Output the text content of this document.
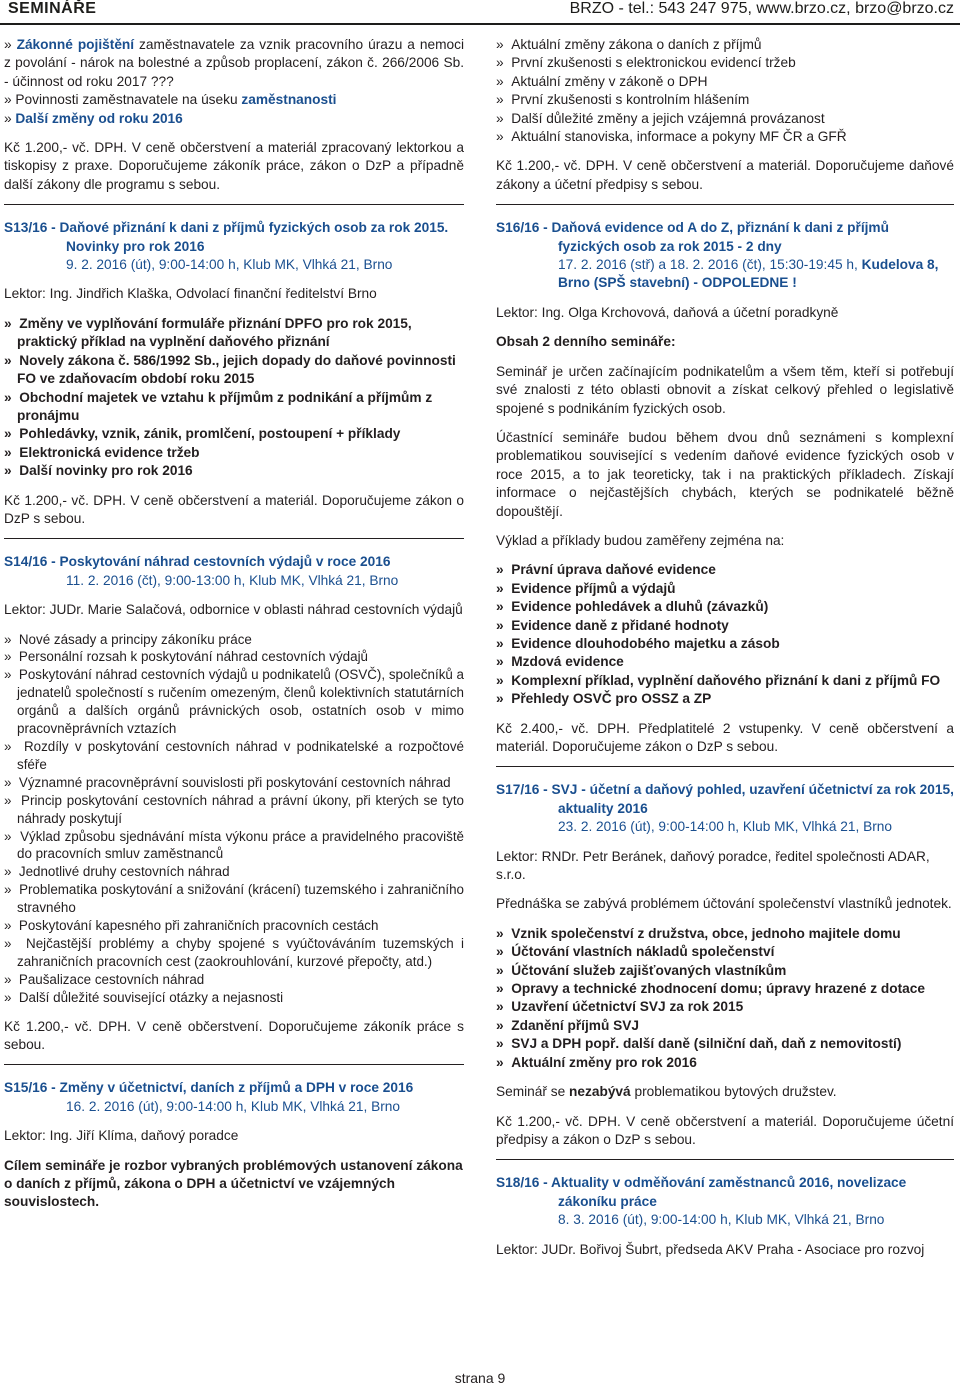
SEMINÁŘE	BRZO - tel.: 543 247 975, www.brzo.cz, brzo@brzo.cz

» Zákonné pojištění zaměstnavatele za vznik pracovního úrazu a nemoci z povolání - nárok na bolestné a způsob proplacení, zákon č. 266/2006 Sb. - účinnost od roku 2017 ???

» Povinnosti zaměstnavatele na úseku zaměstnanosti

» Další změny od roku 2016

Kč 1.200,- vč. DPH. V ceně občerstvení a materiál zpracovaný lektorkou a tiskopisy z praxe. Doporučujeme zákoník práce, zákon o DzP a případně další zákony dle programu s sebou.

S13/16 - Daňové přiznání k dani z příjmů fyzických osob za rok 2015. Novinky pro rok 2016

9. 2. 2016 (út), 9:00-14:00 h, Klub MK, Vlhká 21, Brno

Lektor: Ing. Jindřich Klaška, Odvolací finanční ředitelství Brno

»  Změny ve vyplňování formuláře přiznání DPFO pro rok 2015, praktický příklad na vyplnění daňového přiznání
»  Novely zákona č. 586/1992 Sb., jejich dopady do daňové povinnosti FO ve zdaňovacím období roku 2015
»  Obchodní majetek ve vztahu k příjmům z podnikání a příjmům z pronájmu
»  Pohledávky, vznik, zánik, promlčení, postoupení + příklady
»  Elektronická evidence tržeb
»  Další novinky pro rok 2016

Kč 1.200,- vč. DPH. V ceně občerstvení a materiál. Doporučujeme zákon o DzP s sebou.

S14/16 - Poskytování náhrad cestovních výdajů v roce 2016

11. 2. 2016 (čt), 9:00-13:00 h, Klub MK, Vlhká 21, Brno

Lektor: JUDr. Marie Salačová, odbornice v oblasti náhrad cestovních výdajů

»  Nové zásady a principy zákoníku práce
»  Personální rozsah k poskytování náhrad cestovních výdajů
»  Poskytování náhrad cestovních výdajů u podnikatelů (OSVČ), společníků a jednatelů společností s ručením omezeným, členů kolektivních statutárních orgánů a dalších orgánů právnických osob, ostatních osob v mimo pracovněprávních vztazích
»  Rozdíly v poskytování cestovních náhrad v podnikatelské a rozpočtové sféře
»  Významné pracovněprávní souvislosti při poskytování cestovních náhrad
»  Princip poskytování cestovních náhrad a právní úkony, při kterých se tyto náhrady poskytují
»  Výklad způsobu sjednávání místa výkonu práce a pravidelného pracoviště do pracovních smluv zaměstnanců
»  Jednotlivé druhy cestovních náhrad
»  Problematika poskytování a snižování (krácení) tuzemského i zahraničního stravného
»  Poskytování kapesného při zahraničních pracovních cestách
»  Nejčastější problémy a chyby spojené s vyúčtováváním tuzemských i zahraničních pracovních cest (zaokrouhlování, kurzové přepočty, atd.)
»  Paušalizace cestovních náhrad
»  Další důležité související otázky a nejasnosti

Kč 1.200,- vč. DPH. V ceně občerstvení. Doporučujeme zákoník práce s sebou.

S15/16 - Změny v účetnictví, daních z příjmů a DPH v roce 2016

16. 2. 2016 (út), 9:00-14:00 h, Klub MK, Vlhká 21, Brno

Lektor: Ing. Jiří Klíma, daňový poradce

Cílem semináře je rozbor vybraných problémových ustanovení zákona o daních z příjmů, zákona o DPH a účetnictví ve vzájemných souvislostech.

»  Aktuální změny zákona o daních z příjmů
»  První zkušenosti s elektronickou evidencí tržeb
»  Aktuální změny v zákoně o DPH
»  První zkušenosti s kontrolním hlášením
»  Další důležité změny a jejich vzájemná provázanost
»  Aktuální stanoviska, informace a pokyny MF ČR a GFŘ

Kč 1.200,- vč. DPH. V ceně občerstvení a materiál. Doporučujeme daňové zákony a účetní předpisy s sebou.

S16/16 - Daňová evidence od A do Z, přiznání k dani z příjmů fyzických osob za rok 2015 - 2 dny

17. 2. 2016 (stř) a 18. 2. 2016 (čt), 15:30-19:45 h, Kudelova 8, Brno (SPŠ stavební) - ODPOLEDNE !

Lektor: Ing. Olga Krchovová, daňová a účetní poradkyně

Obsah 2 denního semináře:

Seminář je určen začínajícím podnikatelům a všem těm, kteří si potřebují své znalosti z této oblasti obnovit a získat celkový přehled o legislativě spojené s podnikáním fyzických osob.

Účastnící semináře budou během dvou dnů seznámeni s komplexní problematikou související s vedením daňové evidence fyzických osob v roce 2015, a to jak teoreticky, tak i na praktických příkladech. Získají informace o nejčastějších chybách, kterých se podnikatelé běžně dopouštějí.

Výklad a příklady budou zaměřeny zejména na:

»  Právní úprava daňové evidence
»  Evidence příjmů a výdajů
»  Evidence pohledávek a dluhů (závazků)
»  Evidence daně z přidané hodnoty
»  Evidence dlouhodobého majetku a zásob
»  Mzdová evidence
»  Komplexní příklad, vyplnění daňového přiznání k dani z příjmů FO
»  Přehledy OSVČ pro OSSZ a ZP

Kč 2.400,- vč. DPH. Předplatitelé 2 vstupenky. V ceně občerstvení a materiál. Doporučujeme zákon o DzP s sebou.

S17/16 - SVJ - účetní a daňový pohled, uzavření účetnictví za rok 2015, aktuality 2016

23. 2. 2016 (út), 9:00-14:00 h, Klub MK, Vlhká 21, Brno

Lektor: RNDr. Petr Beránek, daňový poradce, ředitel společnosti ADAR, s.r.o.

Přednáška se zabývá problémem účtování společenství vlastníků jednotek.

»  Vznik společenství z družstva, obce, jednoho majitele domu
»  Účtování vlastních nákladů společenství
»  Účtování služeb zajišťovaných vlastníkům
»  Opravy a technické zhodnocení domu; úpravy hrazené z dotace
»  Uzavření účetnictví SVJ za rok 2015
»  Zdanění příjmů SVJ
»  SVJ a DPH popř. další daně (silniční daň, daň z nemovitostí)
»  Aktuální změny pro rok 2016

Seminář se nezabývá problematikou bytových družstev.

Kč 1.200,- vč. DPH. V ceně občerstvení a materiál. Doporučujeme účetní předpisy a zákon o DzP s sebou.

S18/16 - Aktuality v odměňování zaměstnanců 2016, novelizace zákoníku práce

8. 3. 2016 (út), 9:00-14:00 h, Klub MK, Vlhká 21, Brno

Lektor: JUDr. Bořivoj Šubrt, předseda AKV Praha - Asociace pro rozvoj

strana 9
